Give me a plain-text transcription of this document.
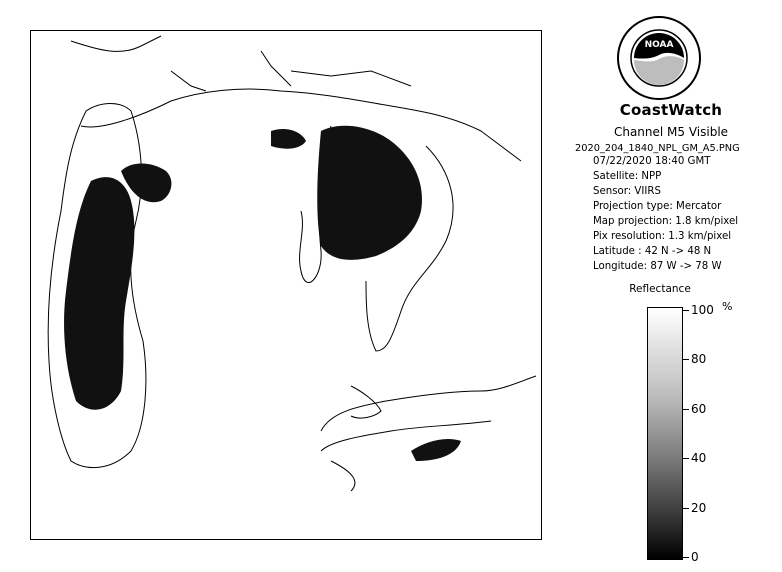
NOAA
CoastWatch
Channel M5 Visible
2020_204_1840_NPL_GM_A5.PNG
07/22/2020 18:40 GMT
Satellite: NPP
Sensor: VIIRS
Projection type: Mercator
Map projection: 1.8 km/pixel
Pix resolution: 1.3 km/pixel
Latitude : 42 N -> 48 N
Longitude: 87 W -> 78 W
Reflectance
%
100
80
60
40
20
0
